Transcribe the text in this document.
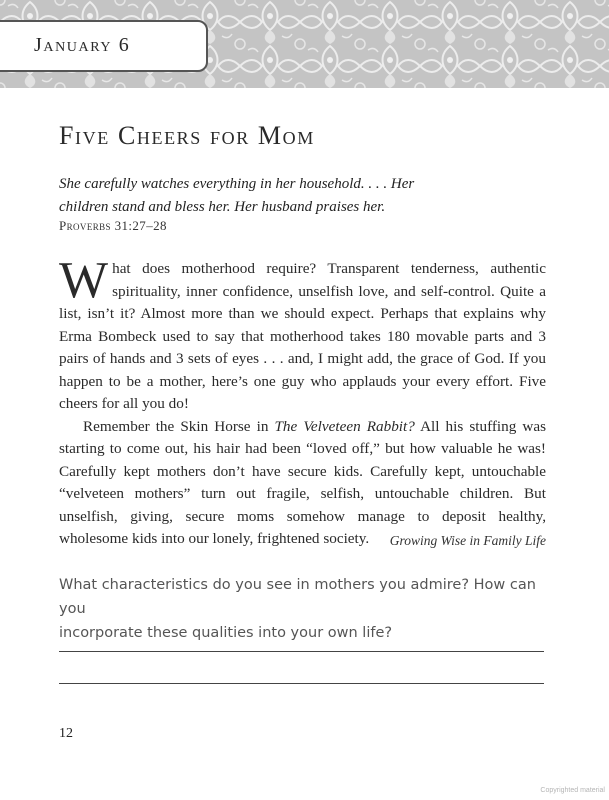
January 6
Five Cheers for Mom
She carefully watches everything in her household. . . . Her
children stand and bless her. Her husband praises her.
Proverbs 31:27–28

What does motherhood require? Transparent tenderness, authentic spirituality, inner confidence, unselfish love, and self-control. Quite a list, isn’t it? Almost more than we should expect. Perhaps that explains why Erma Bombeck used to say that motherhood takes 180 movable parts and 3 pairs of hands and 3 sets of eyes . . . and, I might add, the grace of God. If you happen to be a mother, here’s one guy who applauds your every effort. Five cheers for all you do!

Remember the Skin Horse in The Velveteen Rabbit? All his stuffing was starting to come out, his hair had been “loved off,” but how valuable he was! Carefully kept mothers don’t have secure kids. Carefully kept, untouchable “velveteen mothers” turn out fragile, selfish, untouchable children. But unselfish, giving, secure moms somehow manage to deposit healthy, wholesome kids into our lonely, frightened society.	Growing Wise in Family Life
What characteristics do you see in mothers you admire? How can you
incorporate these qualities into your own life?
12
Copyrighted material
